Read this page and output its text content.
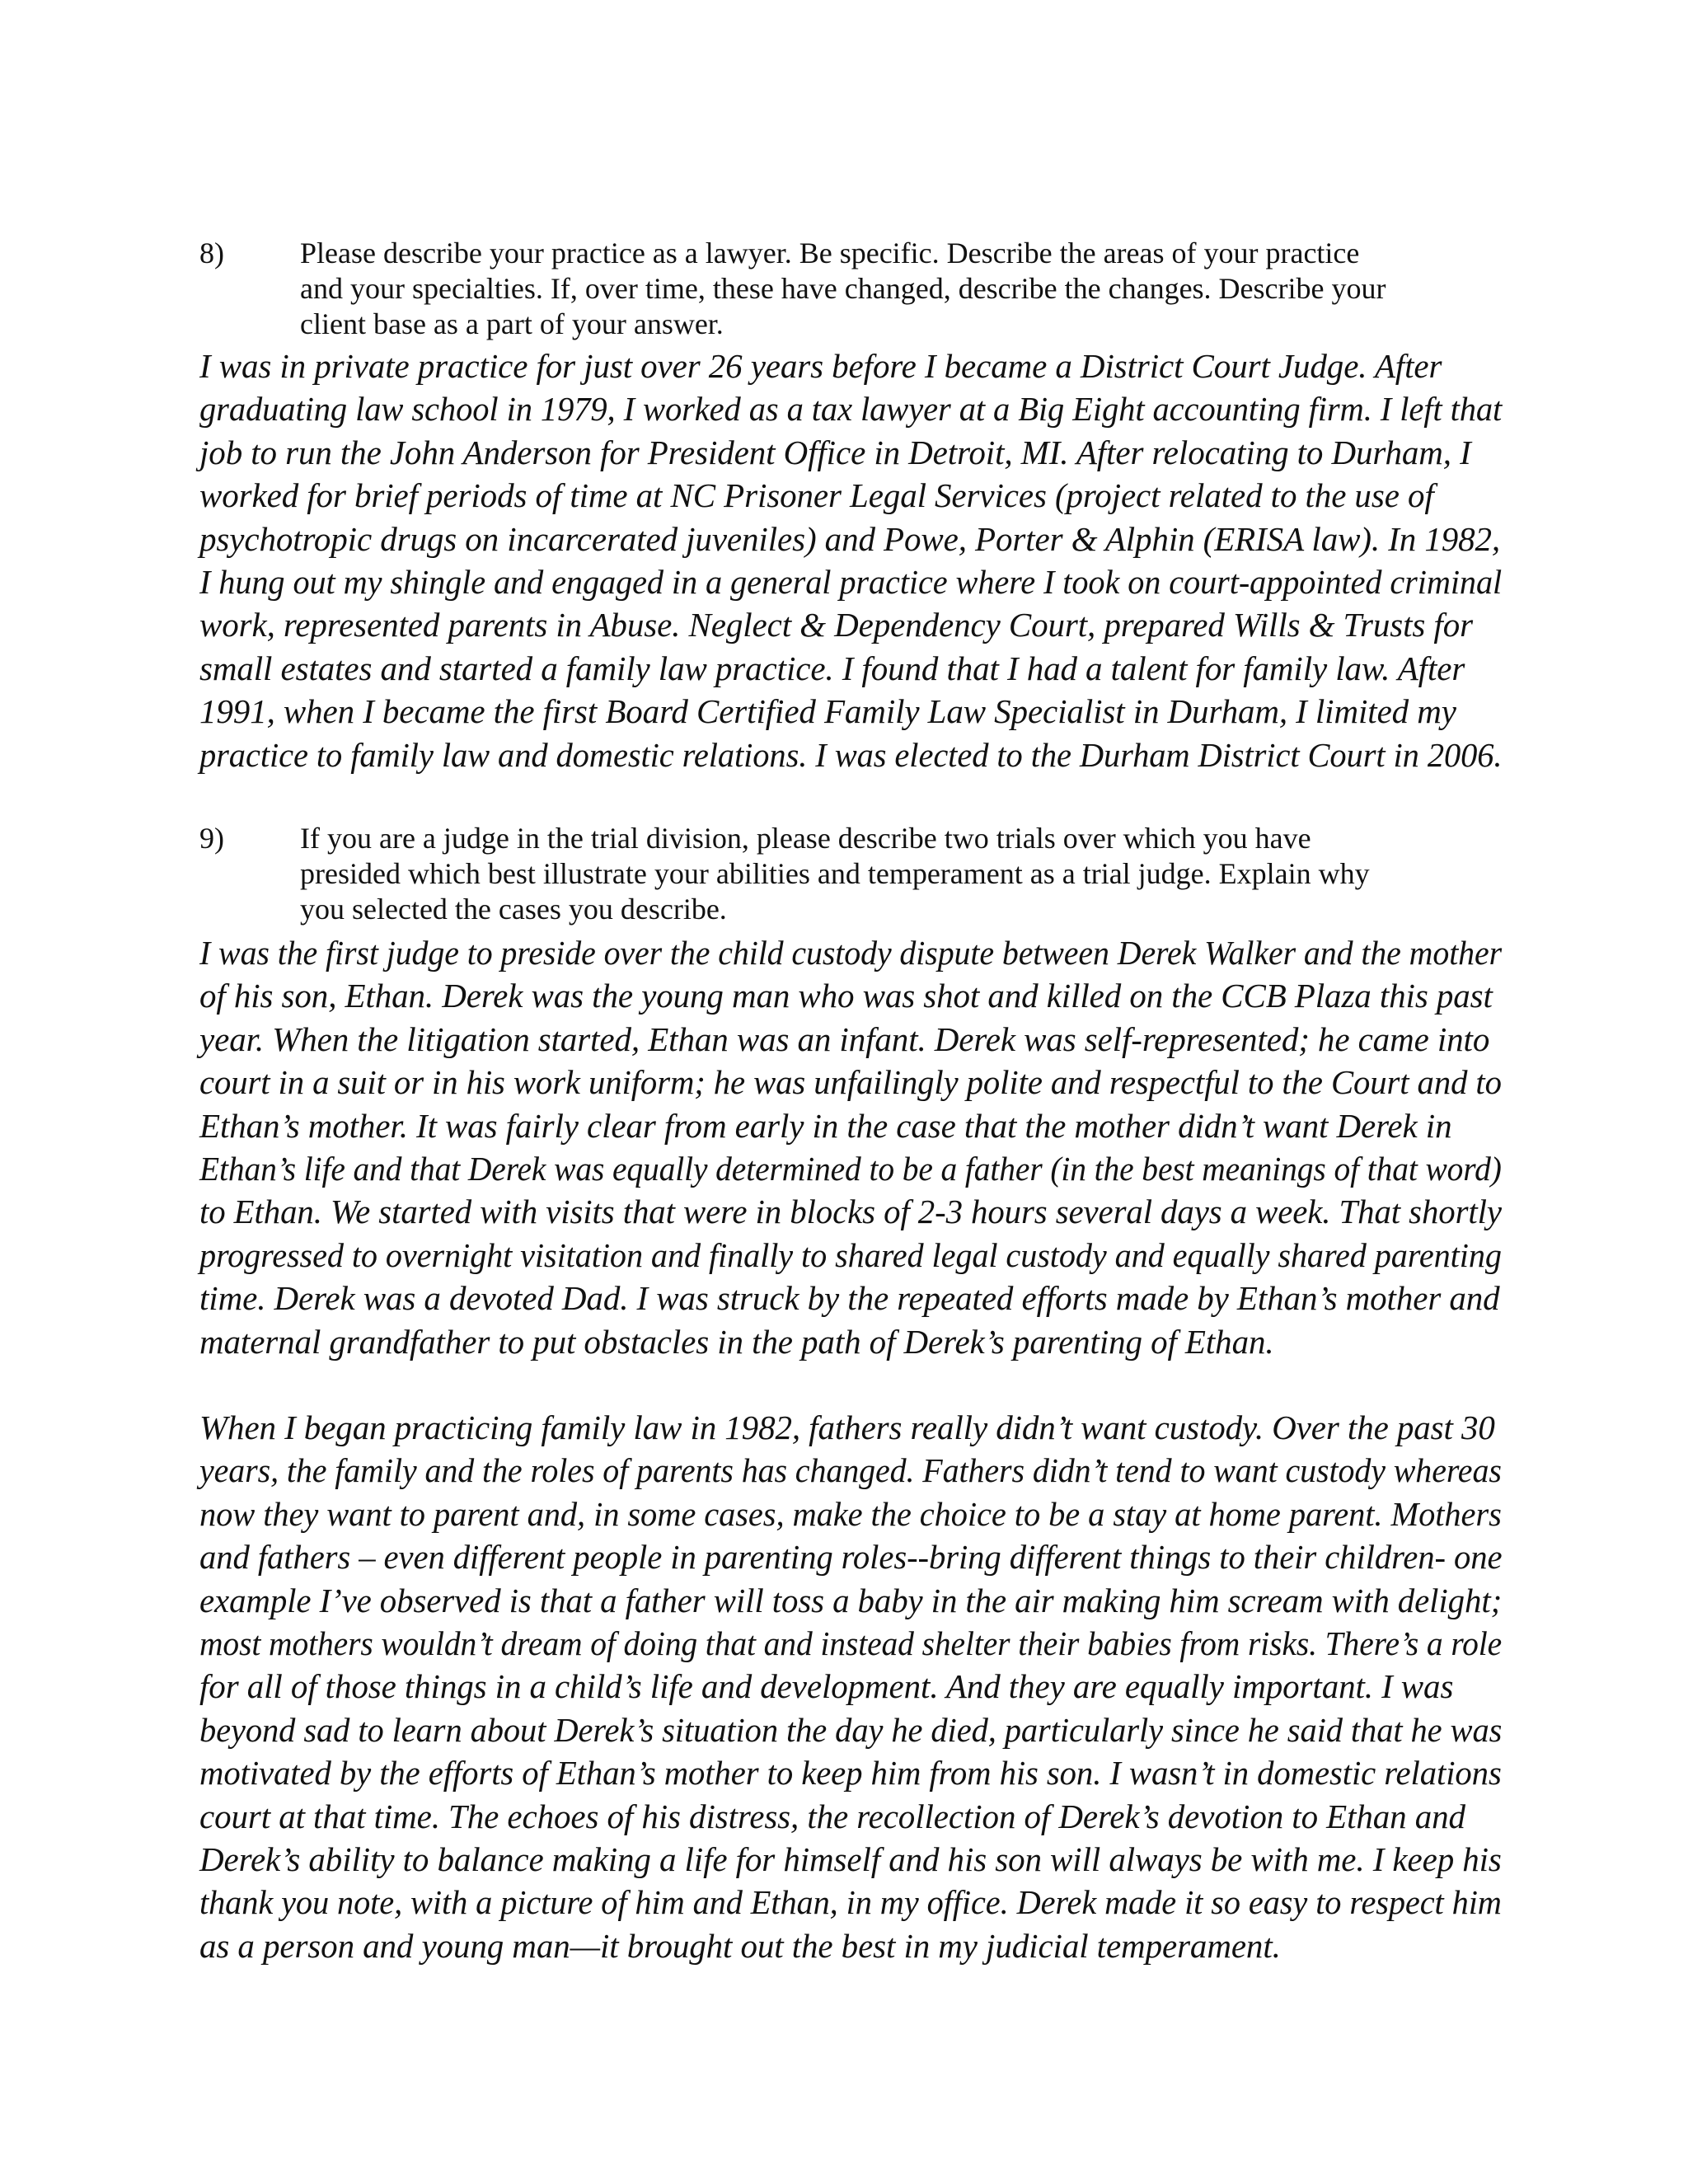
8)	Please describe your practice as a lawyer. Be specific. Describe the areas of your practice
and your specialties. If, over time, these have changed, describe the changes. Describe your
client base as a part of your answer.
I was in private practice for just over 26 years before I became a District Court Judge. After
graduating law school in 1979, I worked as a tax lawyer at a Big Eight accounting firm. I left that
job to run the John Anderson for President Office in Detroit, MI. After relocating to Durham, I
worked for brief periods of time at NC Prisoner Legal Services (project related to the use of
psychotropic drugs on incarcerated juveniles) and Powe, Porter & Alphin (ERISA law). In 1982,
I hung out my shingle and engaged in a general practice where I took on court-appointed criminal
work, represented parents in Abuse. Neglect & Dependency Court, prepared Wills & Trusts for
small estates and started a family law practice. I found that I had a talent for family law. After
1991, when I became the first Board Certified Family Law Specialist in Durham, I limited my
practice to family law and domestic relations. I was elected to the Durham District Court in 2006.
9)	If you are a judge in the trial division, please describe two trials over which you have
presided which best illustrate your abilities and temperament as a trial judge. Explain why
you selected the cases you describe.
I was the first judge to preside over the child custody dispute between Derek Walker and the mother
of his son, Ethan. Derek was the young man who was shot and killed on the CCB Plaza this past
year. When the litigation started, Ethan was an infant. Derek was self-represented; he came into
court in a suit or in his work uniform; he was unfailingly polite and respectful to the Court and to
Ethan’s mother. It was fairly clear from early in the case that the mother didn’t want Derek in
Ethan’s life and that Derek was equally determined to be a father (in the best meanings of that word)
to Ethan. We started with visits that were in blocks of 2-3 hours several days a week. That shortly
progressed to overnight visitation and finally to shared legal custody and equally shared parenting
time. Derek was a devoted Dad. I was struck by the repeated efforts made by Ethan’s mother and
maternal grandfather to put obstacles in the path of Derek’s parenting of Ethan.
When I began practicing family law in 1982, fathers really didn’t want custody. Over the past 30
years, the family and the roles of parents has changed. Fathers didn’t tend to want custody whereas
now they want to parent and, in some cases, make the choice to be a stay at home parent. Mothers
and fathers – even different people in parenting roles--bring different things to their children- one
example I’ve observed is that a father will toss a baby in the air making him scream with delight;
most mothers wouldn’t dream of doing that and instead shelter their babies from risks. There’s a role
for all of those things in a child’s life and development. And they are equally important. I was
beyond sad to learn about Derek’s situation the day he died, particularly since he said that he was
motivated by the efforts of Ethan’s mother to keep him from his son. I wasn’t in domestic relations
court at that time. The echoes of his distress, the recollection of Derek’s devotion to Ethan and
Derek’s ability to balance making a life for himself and his son will always be with me. I keep his
thank you note, with a picture of him and Ethan, in my office. Derek made it so easy to respect him
as a person and young man—it brought out the best in my judicial temperament.
